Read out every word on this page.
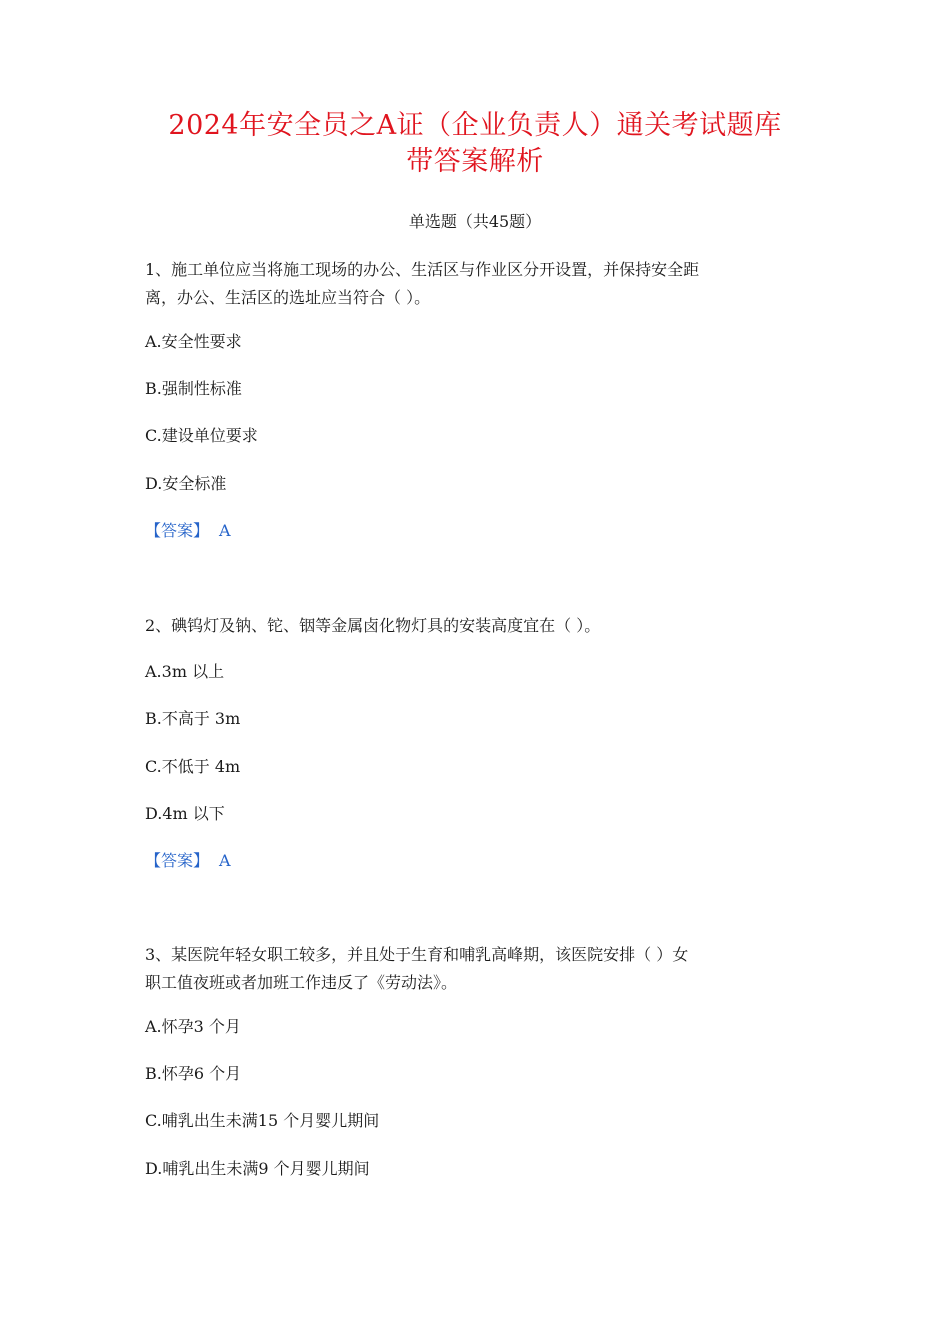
2024年安全员之A证（企业负责人）通关考试题库
带答案解析
单选题（共45题）
1、施工单位应当将施工现场的办公、生活区与作业区分开设置，并保持安全距
离，办公、生活区的选址应当符合（ ）。
A.安全性要求
B.强制性标准
C.建设单位要求
D.安全标准
【答案】 A
2、碘钨灯及钠、铊、铟等金属卤化物灯具的安装高度宜在（ ）。
A.3m 以上
B.不高于 3m
C.不低于 4m
D.4m 以下
【答案】 A
3、某医院年轻女职工较多，并且处于生育和哺乳高峰期，该医院安排（ ）女
职工值夜班或者加班工作违反了《劳动法》。
A.怀孕3 个月
B.怀孕6 个月
C.哺乳出生未满15 个月婴儿期间
D.哺乳出生未满9 个月婴儿期间
